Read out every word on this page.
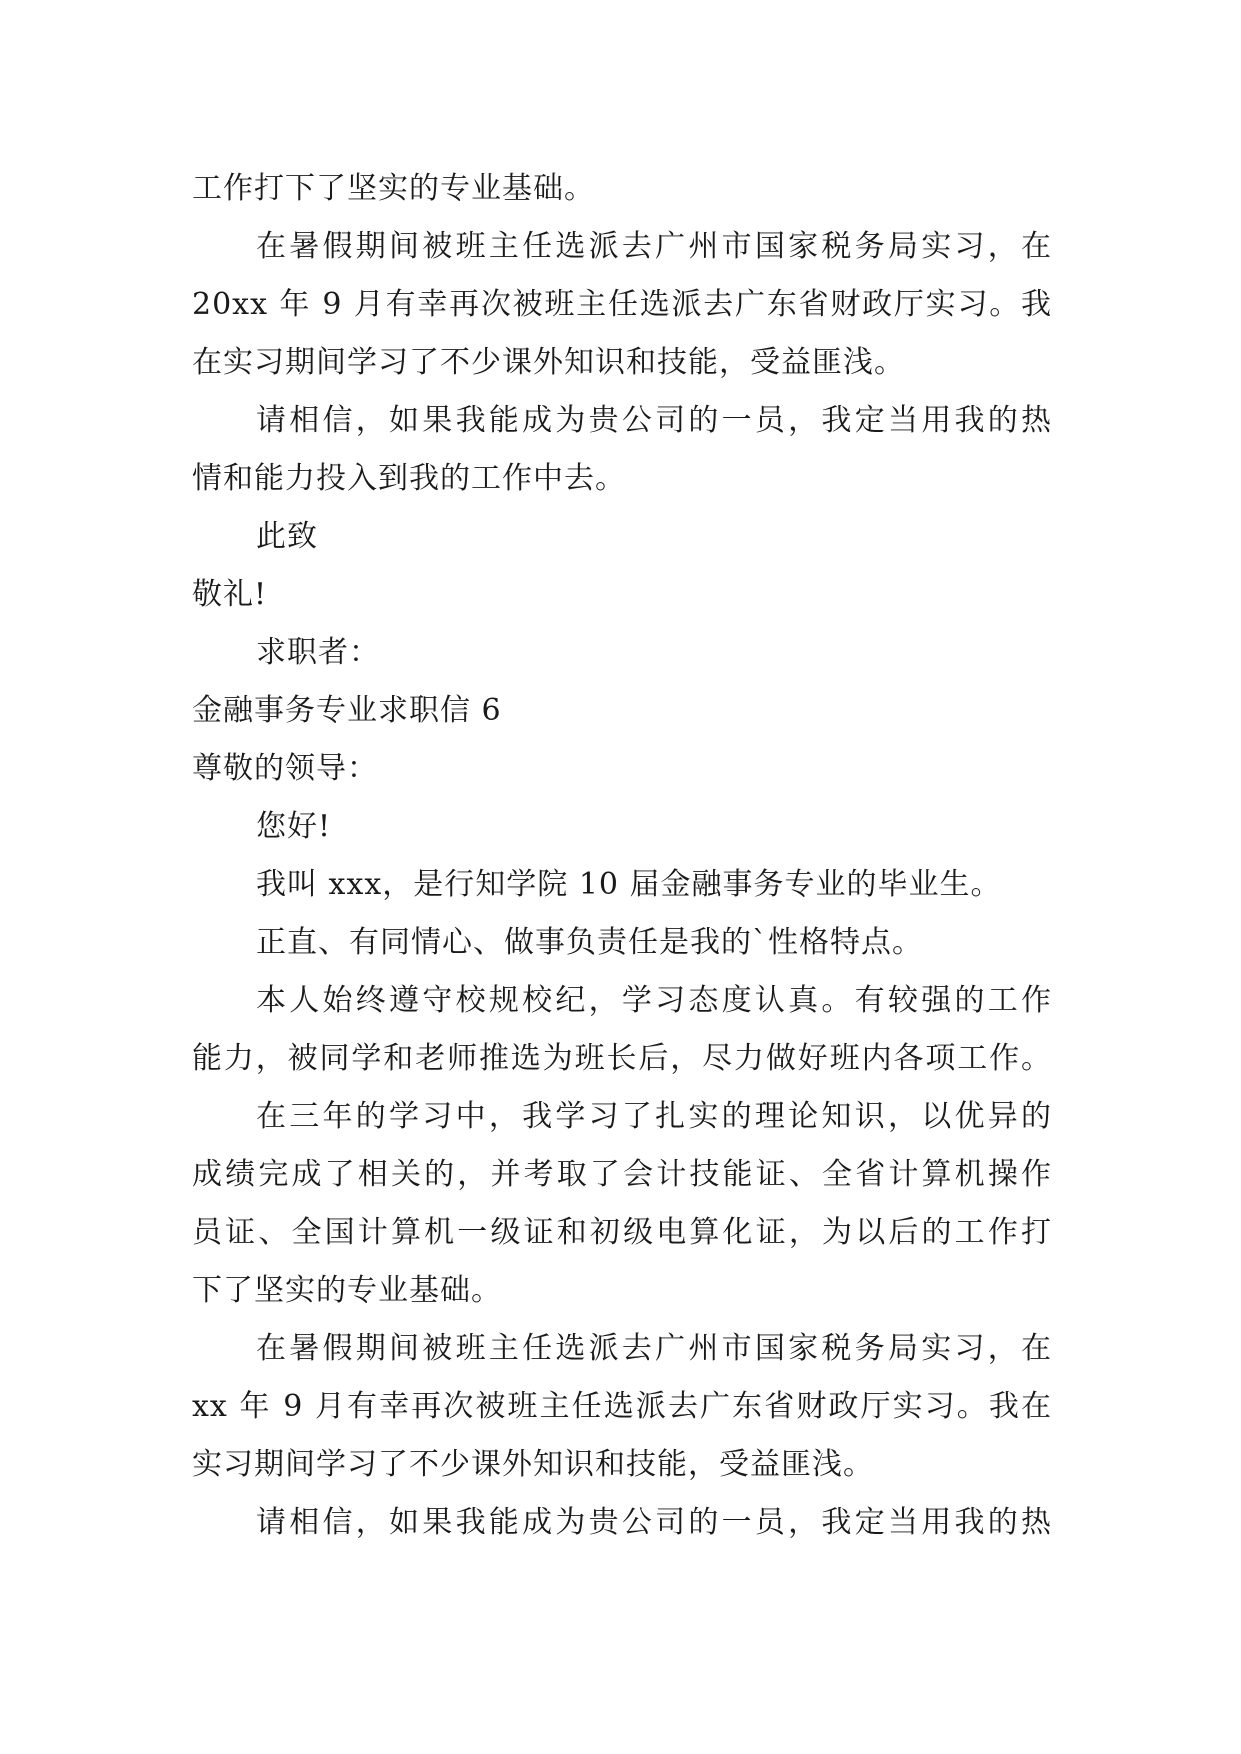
工作打下了坚实的专业基础。
在暑假期间被班主任选派去广州市国家税务局实习，在
20xx 年 9 月有幸再次被班主任选派去广东省财政厅实习。我
在实习期间学习了不少课外知识和技能，受益匪浅。
请相信，如果我能成为贵公司的一员，我定当用我的热
情和能力投入到我的工作中去。
此致
敬礼!
求职者：
金融事务专业求职信 6
尊敬的领导：
您好!
我叫 xxx，是行知学院 10 届金融事务专业的毕业生。
正直、有同情心、做事负责任是我的`性格特点。
本人始终遵守校规校纪，学习态度认真。有较强的工作
能力，被同学和老师推选为班长后，尽力做好班内各项工作。
在三年的学习中，我学习了扎实的理论知识，以优异的
成绩完成了相关的，并考取了会计技能证、全省计算机操作
员证、全国计算机一级证和初级电算化证，为以后的工作打
下了坚实的专业基础。
在暑假期间被班主任选派去广州市国家税务局实习，在
xx 年 9 月有幸再次被班主任选派去广东省财政厅实习。我在
实习期间学习了不少课外知识和技能，受益匪浅。
请相信，如果我能成为贵公司的一员，我定当用我的热
